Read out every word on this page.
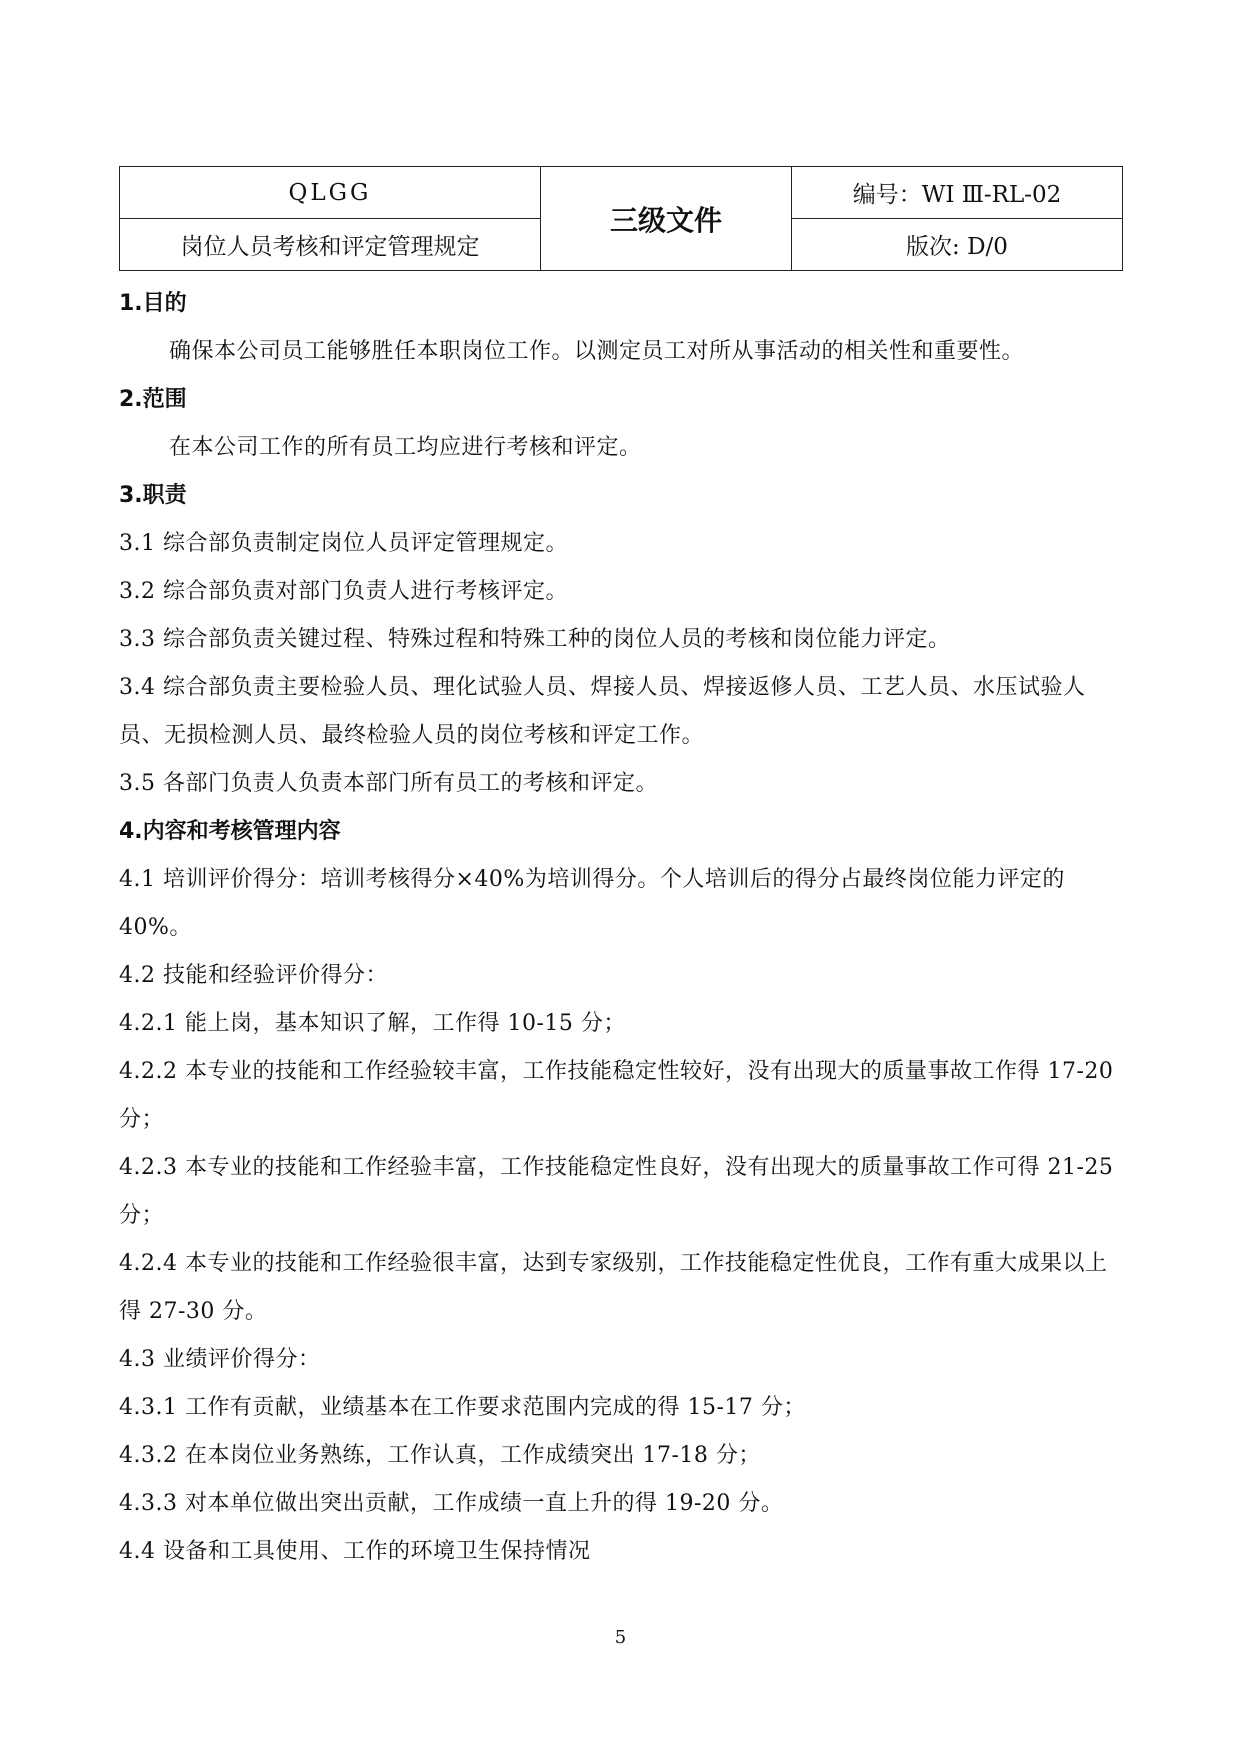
QLGG	三级文件	编号：WI Ⅲ-RL-02
岗位人员考核和评定管理规定		版次: D/0
1.目的
确保本公司员工能够胜任本职岗位工作。以测定员工对所从事活动的相关性和重要性。
2.范围
在本公司工作的所有员工均应进行考核和评定。
3.职责
3.1 综合部负责制定岗位人员评定管理规定。
3.2 综合部负责对部门负责人进行考核评定。
3.3 综合部负责关键过程、特殊过程和特殊工种的岗位人员的考核和岗位能力评定。
3.4 综合部负责主要检验人员、理化试验人员、焊接人员、焊接返修人员、工艺人员、水压试验人员、无损检测人员、最终检验人员的岗位考核和评定工作。
3.5 各部门负责人负责本部门所有员工的考核和评定。
4.内容和考核管理内容
4.1 培训评价得分：培训考核得分×40%为培训得分。个人培训后的得分占最终岗位能力评定的 40%。
4.2 技能和经验评价得分：
4.2.1 能上岗，基本知识了解，工作得 10-15 分；
4.2.2 本专业的技能和工作经验较丰富，工作技能稳定性较好，没有出现大的质量事故工作得 17-20 分；
4.2.3 本专业的技能和工作经验丰富，工作技能稳定性良好，没有出现大的质量事故工作可得 21-25 分；
4.2.4 本专业的技能和工作经验很丰富，达到专家级别，工作技能稳定性优良，工作有重大成果以上得 27-30 分。
4.3 业绩评价得分：
4.3.1 工作有贡献，业绩基本在工作要求范围内完成的得 15-17 分；
4.3.2 在本岗位业务熟练，工作认真，工作成绩突出 17-18 分；
4.3.3 对本单位做出突出贡献，工作成绩一直上升的得 19-20 分。
4.4 设备和工具使用、工作的环境卫生保持情况
5
